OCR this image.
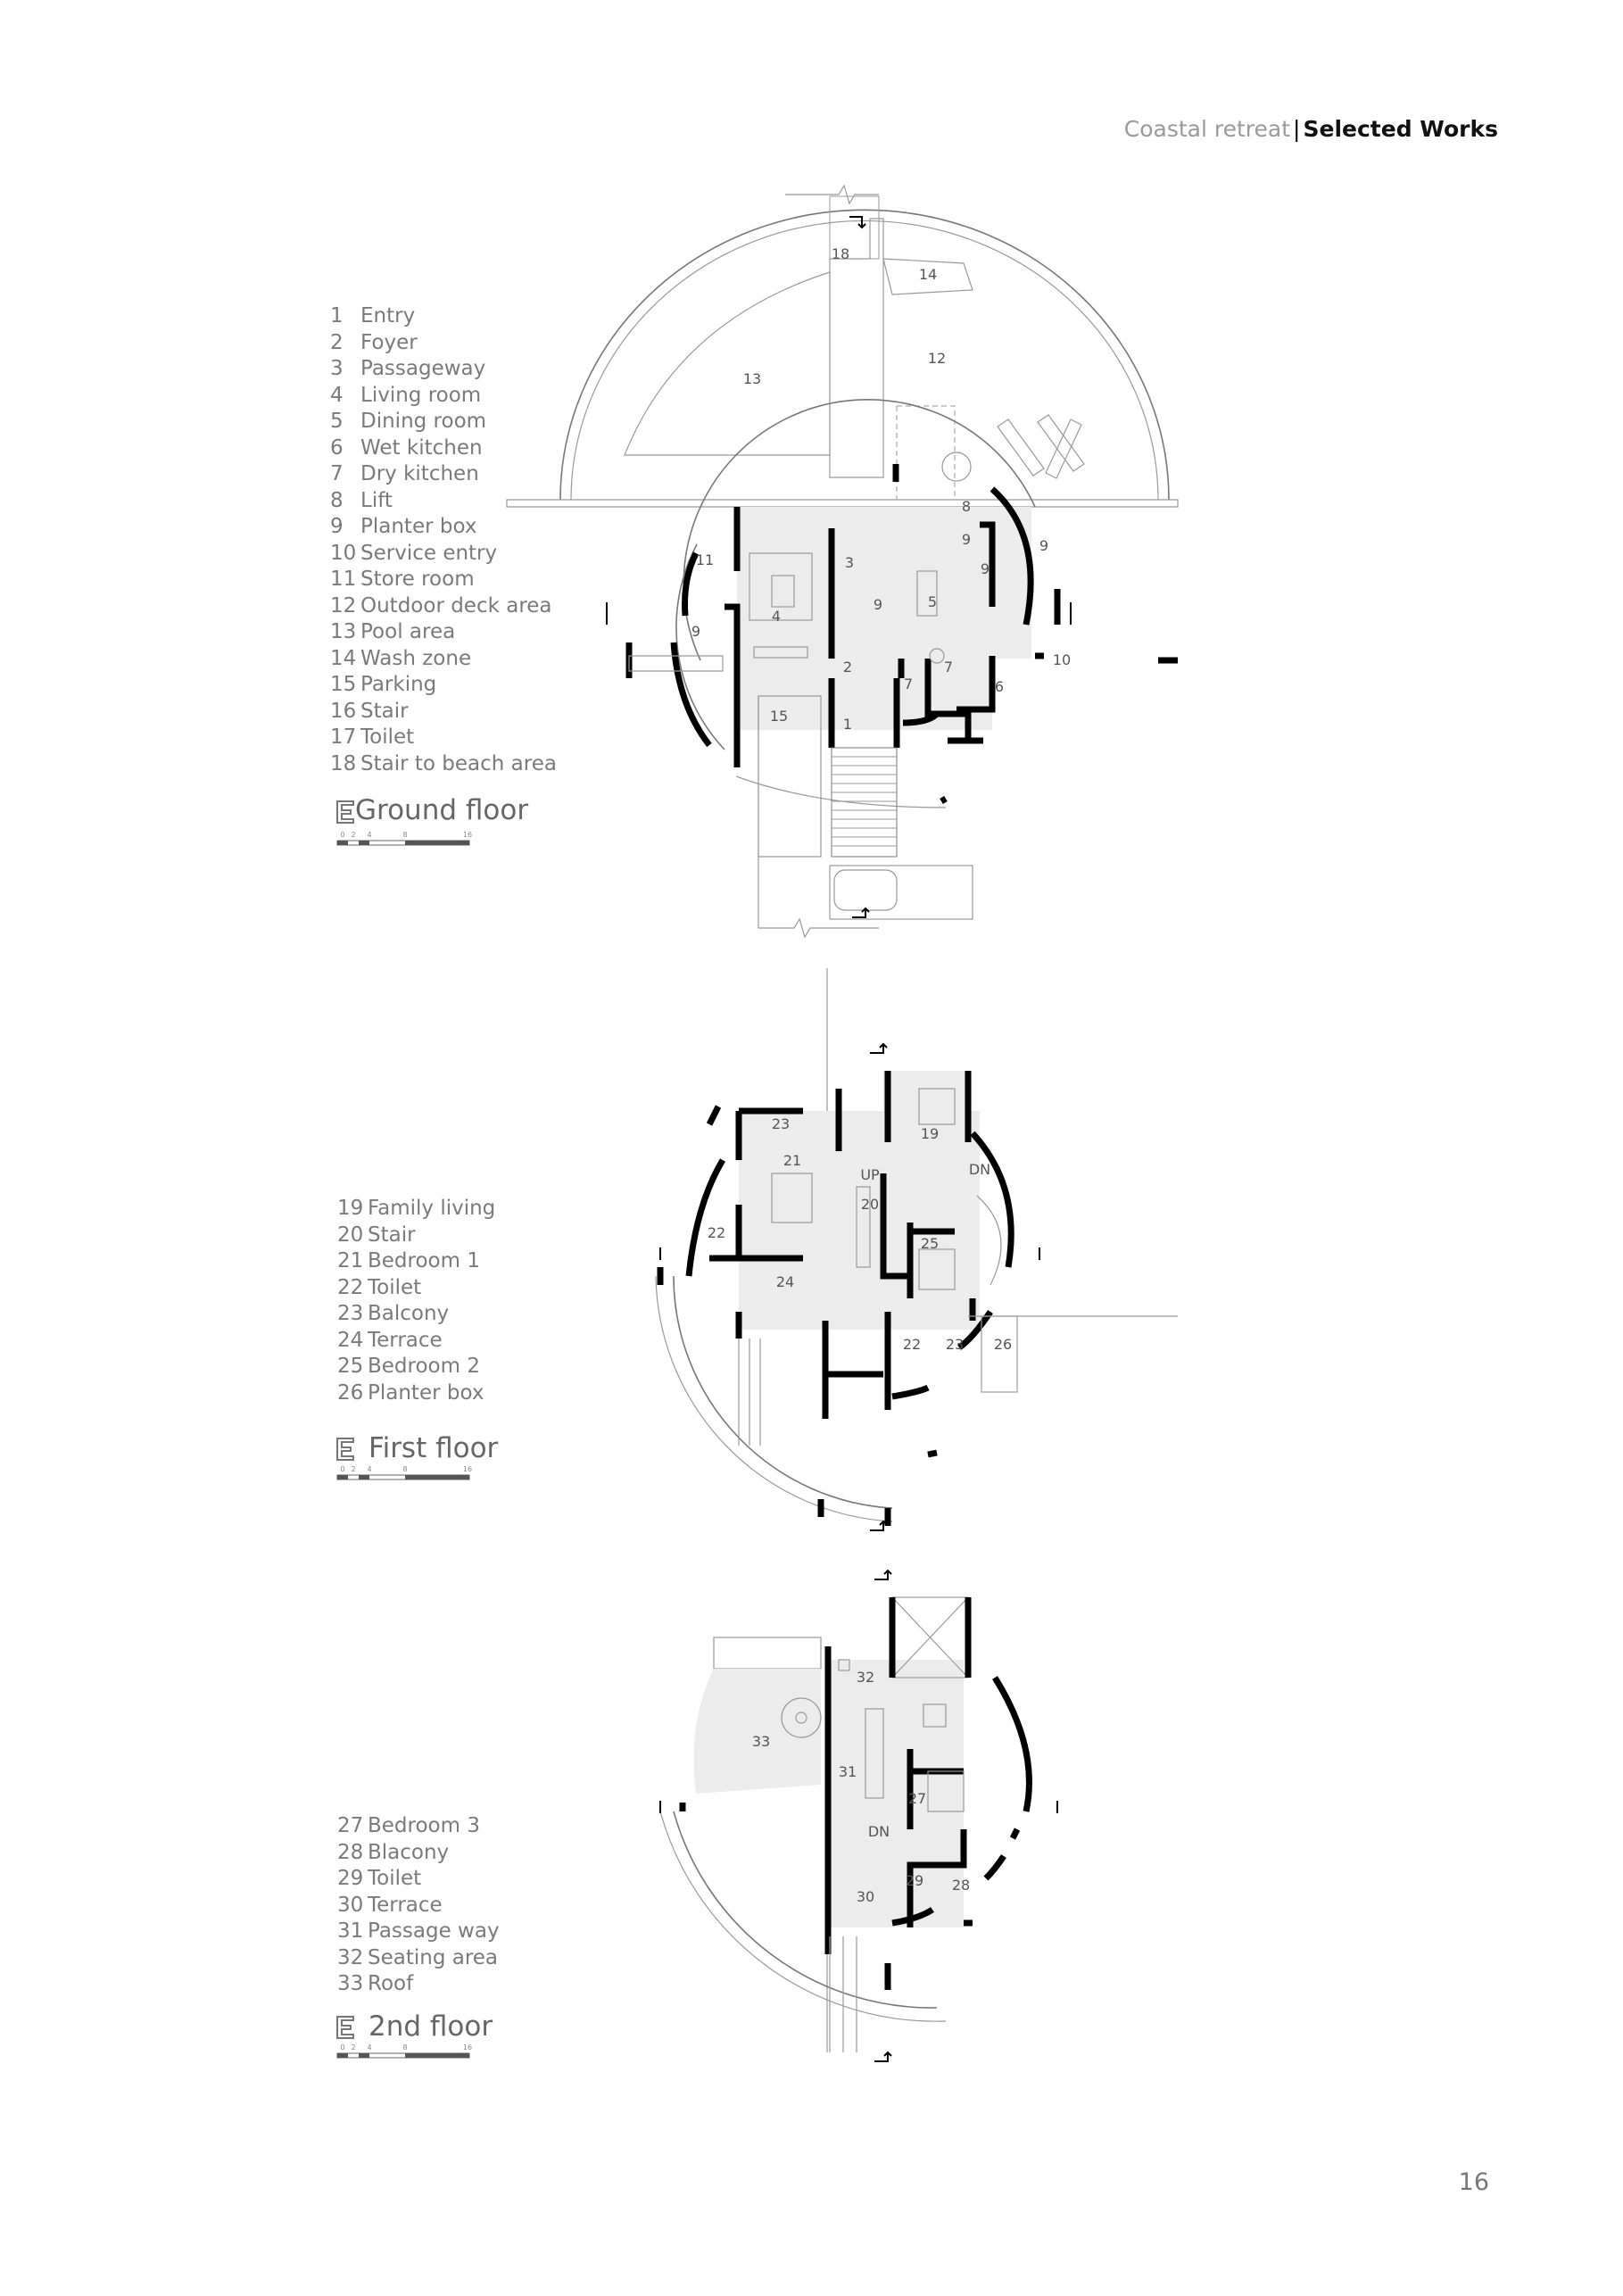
Coastal retreat | Selected Works
1 Entry
2 Foyer
3 Passageway
4 Living room
5 Dining room
6 Wet kitchen
7 Dry kitchen
8 Lift
9 Planter box
10 Service entry
11 Store room
12 Outdoor deck area
13 Pool area
14 Wash zone
15 Parking
16 Stair
17 Toilet
18 Stair to beach area
19 Family living
20 Stair
21 Bedroom 1
22 Toilet
23 Balcony
24 Terrace
25 Bedroom 2
26 Planter box
27 Bedroom 3
28 Blacony
29 Toilet
30 Terrace
31 Passage way
32 Seating area
33 Roof
Ground floor
First floor
2nd floor
16
0 2 4	8	16
0 2 4	8	16
0 2 4	8	16
18
14
12
13
11
9
4
3
9	5
8
9
9
7
7
2
6
1
15
10
9
23
21
19
UP	DN
20
22
25
24
22 23 26
32
33
31
27
DN
30
29 28
